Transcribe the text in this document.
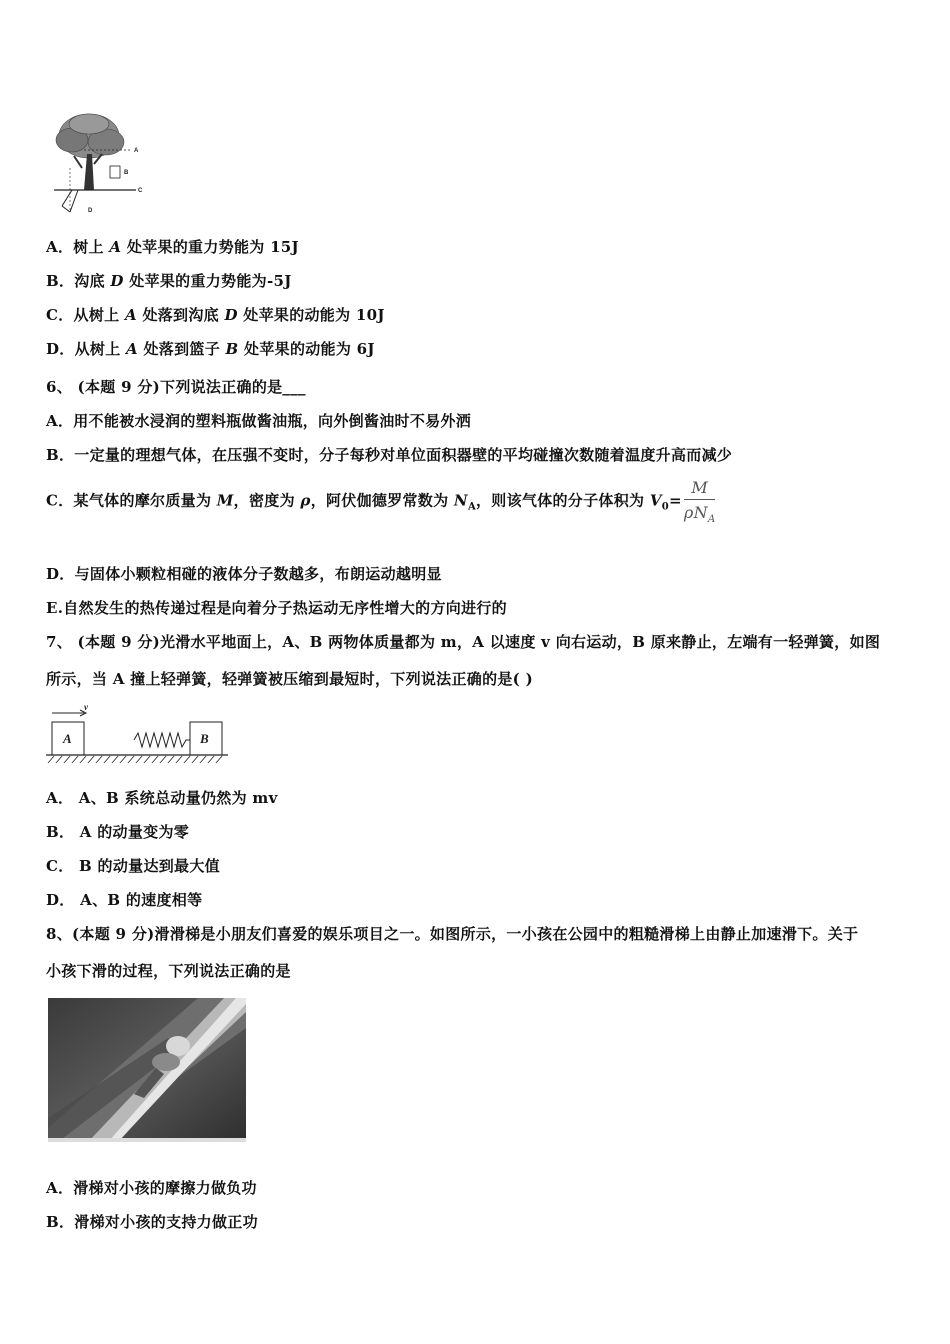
A
B
C
D
A．树上 A 处苹果的重力势能为 15J
B．沟底 D 处苹果的重力势能为-5J
C．从树上 A 处落到沟底 D 处苹果的动能为 10J
D．从树上 A 处落到篮子 B 处苹果的动能为 6J
6、 (本题 9 分)下列说法正确的是___
A．用不能被水浸润的塑料瓶做酱油瓶，向外倒酱油时不易外洒
B．一定量的理想气体，在压强不变时，分子每秒对单位面积器壁的平均碰撞次数随着温度升高而减少
C．某气体的摩尔质量为 M，密度为 ρ，阿伏伽德罗常数为 $N_A$，则该气体的分子体积为 $V_0= \frac{M}{\rho N_A}$
D．与固体小颗粒相碰的液体分子数越多，布朗运动越明显
E.自然发生的热传递过程是向着分子热运动无序性增大的方向进行的
7、 (本题 9 分)光滑水平地面上，A、B 两物体质量都为 m，A 以速度 v 向右运动，B 原来静止，左端有一轻弹簧，如图
所示，当 A 撞上轻弹簧，轻弹簧被压缩到最短时，下列说法正确的是( )
v
A	B
A． A、B 系统总动量仍然为 mv
B． A 的动量变为零
C． B 的动量达到最大值
D． A、B 的速度相等
8、(本题 9 分)滑滑梯是小朋友们喜爱的娱乐项目之一。如图所示，一小孩在公园中的粗糙滑梯上由静止加速滑下。关于
小孩下滑的过程，下列说法正确的是
A．滑梯对小孩的摩擦力做负功
B．滑梯对小孩的支持力做正功
